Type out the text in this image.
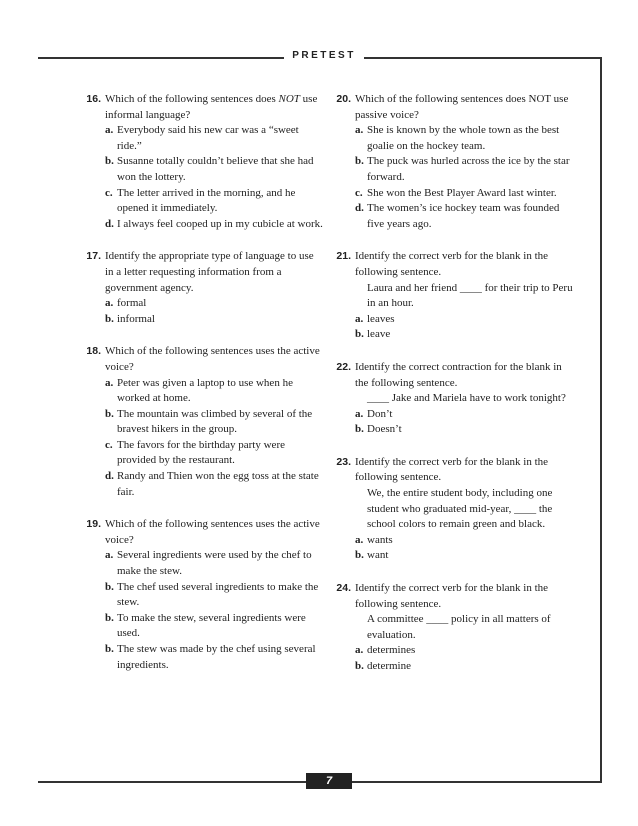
PRETEST
7
16. Which of the following sentences does NOT use informal language?

a. Everybody said his new car was a “sweet ride.”
b. Susanne totally couldn’t believe that she had won the lottery.
c. The letter arrived in the morning, and he opened it immediately.
d. I always feel cooped up in my cubicle at work.
17. Identify the appropriate type of language to use in a letter requesting information from a government agency.

a. formal
b. informal
18. Which of the following sentences uses the active voice?

a. Peter was given a laptop to use when he worked at home.
b. The mountain was climbed by several of the bravest hikers in the group.
c. The favors for the birthday party were provided by the restaurant.
d. Randy and Thien won the egg toss at the state fair.
19. Which of the following sentences uses the active voice?

a. Several ingredients were used by the chef to make the stew.
b. The chef used several ingredients to make the stew.
b. To make the stew, several ingredients were used.
b. The stew was made by the chef using several ingredients.
20. Which of the following sentences does NOT use passive voice?

a. She is known by the whole town as the best goalie on the hockey team.
b. The puck was hurled across the ice by the star forward.
c. She won the Best Player Award last winter.
d. The women’s ice hockey team was founded five years ago.
21. Identify the correct verb for the blank in the following sentence.

Laura and her friend ____ for their trip to Peru in an hour.
a. leaves
b. leave
22. Identify the correct contraction for the blank in the following sentence.

____ Jake and Mariela have to work tonight?
a. Don’t
b. Doesn’t
23. Identify the correct verb for the blank in the following sentence.

We, the entire student body, including one student who graduated mid-year, ____ the school colors to remain green and black.
a. wants
b. want
24. Identify the correct verb for the blank in the following sentence.

A committee ____ policy in all matters of evaluation.
a. determines
b. determine
